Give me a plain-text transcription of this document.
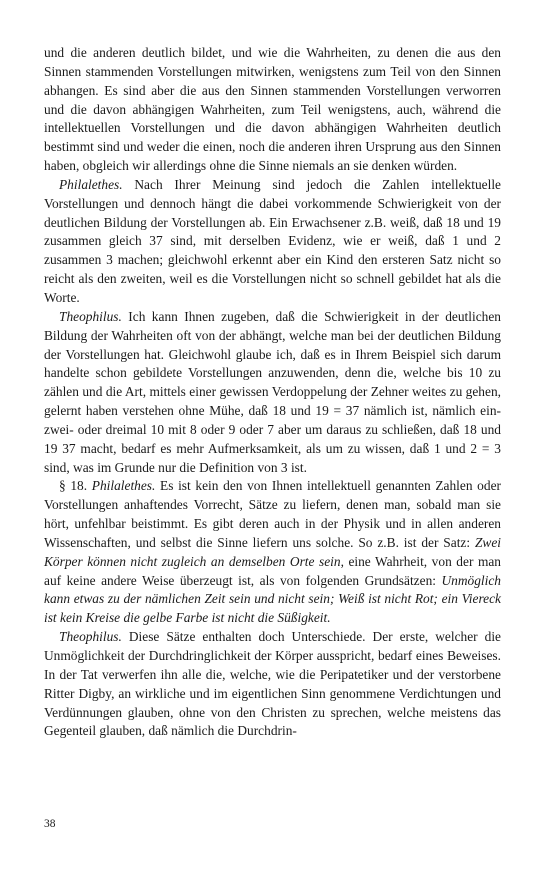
und die anderen deutlich bildet, und wie die Wahrheiten, zu denen die aus den Sinnen stammenden Vorstellungen mitwirken, wenigstens zum Teil von den Sinnen abhangen. Es sind aber die aus den Sinnen stammenden Vorstellungen verworren und die davon abhängigen Wahrheiten, zum Teil wenigstens, auch, während die intellektuellen Vorstellungen und die davon abhängigen Wahrheiten deutlich bestimmt sind und weder die einen, noch die anderen ihren Ursprung aus den Sinnen haben, obgleich wir allerdings ohne die Sinne niemals an sie denken würden.

Philalethes. Nach Ihrer Meinung sind jedoch die Zahlen intellektuelle Vorstellungen und dennoch hängt die dabei vorkommende Schwierigkeit von der deutlichen Bildung der Vorstellungen ab. Ein Erwachsener z.B. weiß, daß 18 und 19 zusammen gleich 37 sind, mit derselben Evidenz, wie er weiß, daß 1 und 2 zusammen 3 machen; gleichwohl erkennt aber ein Kind den ersteren Satz nicht so reicht als den zweiten, weil es die Vorstellungen nicht so schnell gebildet hat als die Worte.

Theophilus. Ich kann Ihnen zugeben, daß die Schwierigkeit in der deutlichen Bildung der Wahrheiten oft von der abhängt, welche man bei der deutlichen Bildung der Vorstellungen hat. Gleichwohl glaube ich, daß es in Ihrem Beispiel sich darum handelte schon gebildete Vorstellungen anzuwenden, denn die, welche bis 10 zu zählen und die Art, mittels einer gewissen Verdoppelung der Zehner weites zu gehen, gelernt haben verstehen ohne Mühe, daß 18 und 19 = 37 nämlich ist, nämlich ein- zwei- oder dreimal 10 mit 8 oder 9 oder 7 aber um daraus zu schließen, daß 18 und 19 37 macht, bedarf es mehr Aufmerksamkeit, als um zu wissen, daß 1 und 2 = 3 sind, was im Grunde nur die Definition von 3 ist.

§ 18. Philalethes. Es ist kein den von Ihnen intellektuell genannten Zahlen oder Vorstellungen anhaftendes Vorrecht, Sätze zu liefern, denen man, sobald man sie hört, unfehlbar beistimmt. Es gibt deren auch in der Physik und in allen anderen Wissenschaften, und selbst die Sinne liefern uns solche. So z.B. ist der Satz: Zwei Körper können nicht zugleich an demselben Orte sein, eine Wahrheit, von der man auf keine andere Weise überzeugt ist, als von folgenden Grundsätzen: Unmöglich kann etwas zu der nämlichen Zeit sein und nicht sein; Weiß ist nicht Rot; ein Viereck ist kein Kreise die gelbe Farbe ist nicht die Süßigkeit.

Theophilus. Diese Sätze enthalten doch Unterschiede. Der erste, welcher die Unmöglichkeit der Durchdringlichkeit der Körper ausspricht, bedarf eines Beweises. In der Tat verwerfen ihn alle die, welche, wie die Peripatetiker und der verstorbene Ritter Digby, an wirkliche und im eigentlichen Sinn genommene Verdichtungen und Verdünnungen glauben, ohne von den Christen zu sprechen, welche meistens das Gegenteil glauben, daß nämlich die Durchdrin-

38
